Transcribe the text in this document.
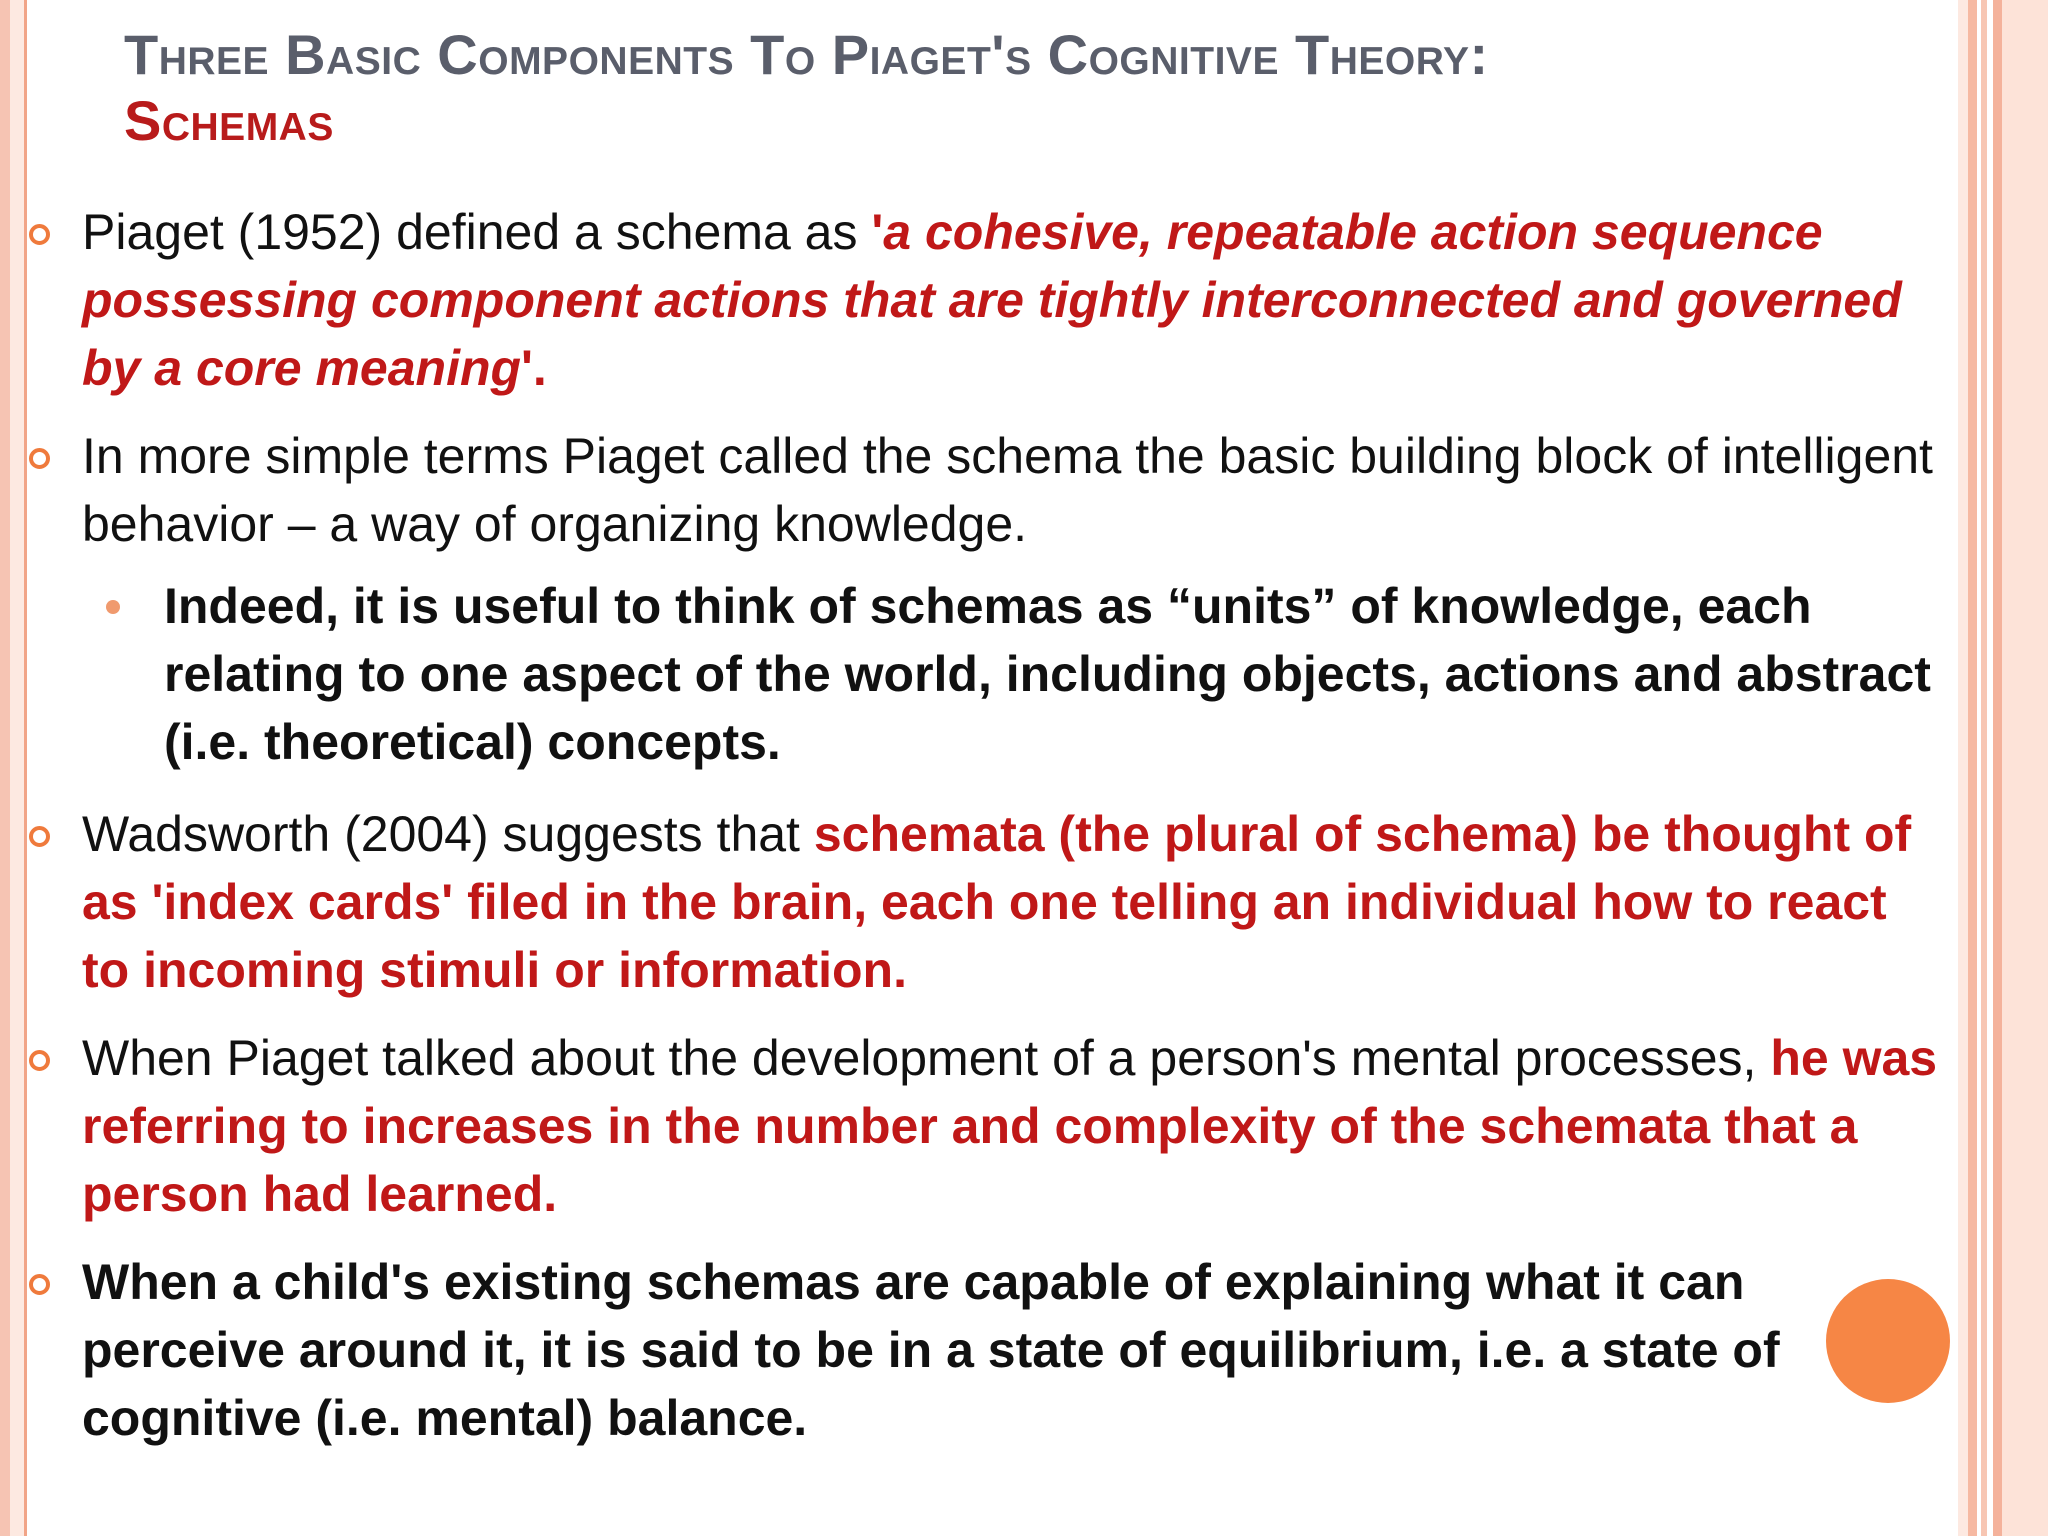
Three Basic Components To Piaget's Cognitive Theory:
Schemas
Piaget (1952) defined a schema as 'a cohesive, repeatable action sequence possessing component actions that are tightly interconnected and governed by a core meaning'.
In more simple terms Piaget called the schema the basic building block of intelligent behavior – a way of organizing knowledge.
Indeed, it is useful to think of schemas as “units” of knowledge, each relating to one aspect of the world, including objects, actions and abstract (i.e. theoretical) concepts.
Wadsworth (2004) suggests that schemata (the plural of schema) be thought of as 'index cards' filed in the brain, each one telling an individual how to react to incoming stimuli or information.
When Piaget talked about the development of a person's mental processes, he was referring to increases in the number and complexity of the schemata that a person had learned.
When a child's existing schemas are capable of explaining what it can perceive around it, it is said to be in a state of equilibrium, i.e. a state of cognitive (i.e. mental) balance.
